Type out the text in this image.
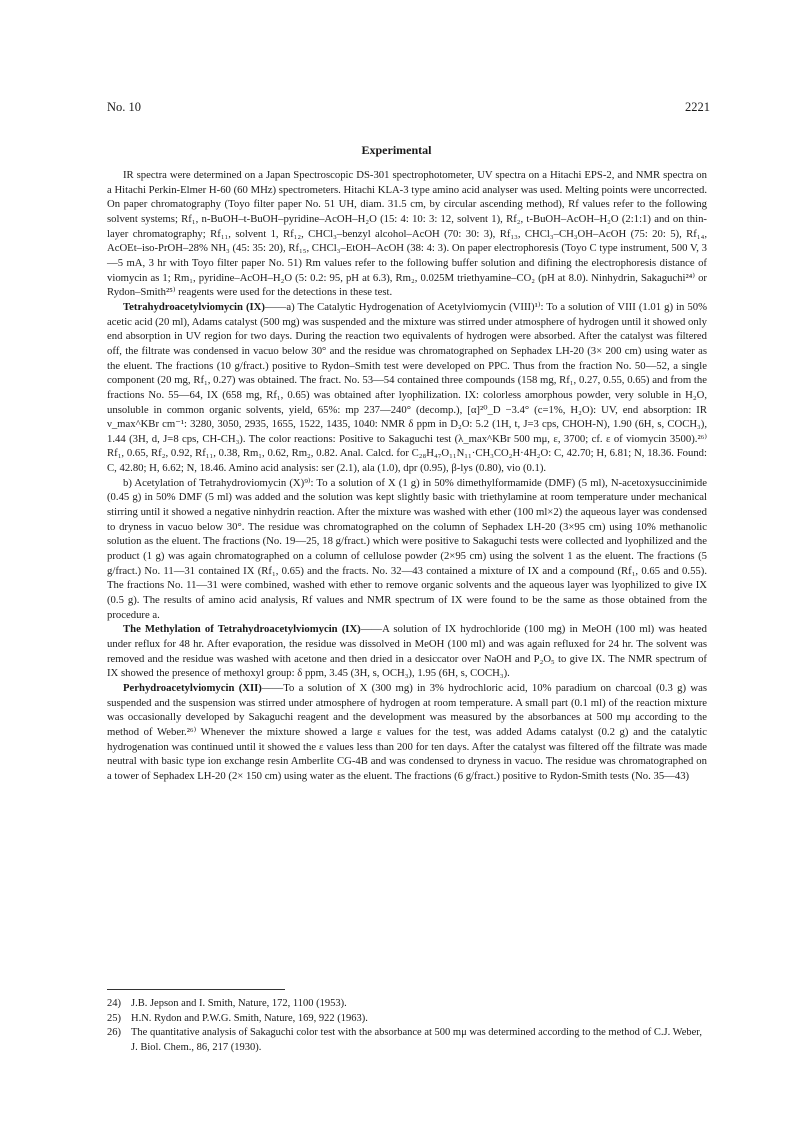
No. 10	2221
Experimental

IR spectra were determined on a Japan Spectroscopic DS-301 spectrophotometer, UV spectra on a Hitachi EPS-2, and NMR spectra on a Hitachi Perkin-Elmer H-60 (60 MHz) spectrometers. Hitachi KLA-3 type amino acid analyser was used. Melting points were uncorrected. On paper chromatography (Toyo filter paper No. 51 UH, diam. 31.5 cm, by circular ascending method), Rf values refer to the following solvent systems; Rf₁, n-BuOH–t-BuOH–pyridine–AcOH–H₂O (15: 4: 10: 3: 12, solvent 1), Rf₂, t-BuOH–AcOH–H₂O (2:1:1) and on thin-layer chromatography; Rf₁₁, solvent 1, Rf₁₂, CHCl₃–benzyl alcohol–AcOH (70: 30: 3), Rf₁₃, CHCl₃–CH₃OH–AcOH (75: 20: 5), Rf₁₄, AcOEt–iso-PrOH–28% NH₃ (45: 35: 20), Rf₁₅, CHCl₃–EtOH–AcOH (38: 4: 3). On paper electrophoresis (Toyo C type instrument, 500 V, 3—5 mA, 3 hr with Toyo filter paper No. 51) Rm values refer to the following buffer solution and difining the electrophoresis distance of viomycin as 1; Rm₁, pyridine–AcOH–H₂O (5: 0.2: 95, pH at 6.3), Rm₂, 0.025M triethyamine–CO₂ (pH at 8.0). Ninhydrin, Sakaguchi²⁴⁾ or Rydon–Smith²⁵⁾ reagents were used for the detections in these test.

Tetrahydroacetylviomycin (IX)——a) The Catalytic Hydrogenation of Acetylviomycin (VIII)¹⁾: To a solution of VIII (1.01 g) in 50% acetic acid (20 ml), Adams catalyst (500 mg) was suspended and the mixture was stirred under atmosphere of hydrogen until it showed only end absorption in UV region for two days. During the reaction two equivalents of hydrogen were absorbed. After the catalyst was filtered off, the filtrate was condensed in vacuo below 30° and the residue was chromatographed on Sephadex LH-20 (3× 200 cm) using water as the eluent. The fractions (10 g/fract.) positive to Rydon–Smith test were developed on PPC. Thus from the fraction No. 50—52, a single component (20 mg, Rf₁, 0.27) was obtained. The fract. No. 53—54 contained three compounds (158 mg, Rf₁, 0.27, 0.55, 0.65) and from the fractions No. 55—64, IX (658 mg, Rf₁, 0.65) was obtained after lyophilization. IX: colorless amorphous powder, very soluble in H₂O, unsoluble in common organic solvents, yield, 65%: mp 237—240° (decomp.), [α]²⁰_D −3.4° (c=1%, H₂O): UV, end absorption: IR ν_max^KBr cm⁻¹: 3280, 3050, 2935, 1655, 1522, 1435, 1040: NMR δ ppm in D₂O: 5.2 (1H, t, J=3 cps, CHOH-N), 1.90 (6H, s, COCH₃), 1.44 (3H, d, J=8 cps, CH-CH₃). The color reactions: Positive to Sakaguchi test (λ_max^KBr 500 mμ, ε, 3700; cf. ε of viomycin 3500).²⁶⁾ Rf₁, 0.65, Rf₂, 0.92, Rf₁₁, 0.38, Rm₁, 0.62, Rm₂, 0.82. Anal. Calcd. for C₂₈H₄₇O₁₁N₁₁·CH₃CO₂H·4H₂O: C, 42.70; H, 6.81; N, 18.36. Found: C, 42.80; H, 6.62; N, 18.46. Amino acid analysis: ser (2.1), ala (1.0), dpr (0.95), β-lys (0.80), vio (0.1).

b) Acetylation of Tetrahydroviomycin (X)⁹⁾: To a solution of X (1 g) in 50% dimethylformamide (DMF) (5 ml), N-acetoxysuccinimide (0.45 g) in 50% DMF (5 ml) was added and the solution was kept slightly basic with triethylamine at room temperature under mechanical stirring until it showed a negative ninhydrin reaction. After the mixture was washed with ether (100 ml×2) the aqueous layer was condensed to dryness in vacuo below 30°. The residue was chromatographed on the column of Sephadex LH-20 (3×95 cm) using 10% methanolic solution as the eluent. The fractions (No. 19—25, 18 g/fract.) which were positive to Sakaguchi tests were collected and lyophilized and the product (1 g) was again chromatographed on a column of cellulose powder (2×95 cm) using the solvent 1 as the eluent. The fractions (5 g/fract.) No. 11—31 contained IX (Rf₁, 0.65) and the fracts. No. 32—43 contained a mixture of IX and a compound (Rf₁, 0.65 and 0.55). The fractions No. 11—31 were combined, washed with ether to remove organic solvents and the aqueous layer was lyophilized to give IX (0.5 g). The results of amino acid analysis, Rf values and NMR spectrum of IX were found to be the same as those obtained from the procedure a.

The Methylation of Tetrahydroacetylviomycin (IX)——A solution of IX hydrochloride (100 mg) in MeOH (100 ml) was heated under reflux for 48 hr. After evaporation, the residue was dissolved in MeOH (100 ml) and was again refluxed for 24 hr. The solvent was removed and the residue was washed with acetone and then dried in a desiccator over NaOH and P₂O₅ to give IX. The NMR spectrum of IX showed the presence of methoxyl group: δ ppm, 3.45 (3H, s, OCH₃), 1.95 (6H, s, COCH₃).

Perhydroacetylviomycin (XII)——To a solution of X (300 mg) in 3% hydrochloric acid, 10% paradium on charcoal (0.3 g) was suspended and the suspension was stirred under atmosphere of hydrogen at room temperature. A small part (0.1 ml) of the reaction mixture was occasionally developed by Sakaguchi reagent and the development was measured by the absorbances at 500 mμ according to the method of Weber.²⁶⁾ Whenever the mixture showed a large ε values for the test, was added Adams catalyst (0.2 g) and the catalytic hydrogenation was continued until it showed the ε values less than 200 for ten days. After the catalyst was filtered off the filtrate was made neutral with basic type ion exchange resin Amberlite CG-4B and was condensed to dryness in vacuo. The residue was chromatographed on a tower of Sephadex LH-20 (2× 150 cm) using water as the eluent. The fractions (6 g/fract.) positive to Rydon-Smith tests (No. 35—43)

24) J.B. Jepson and I. Smith, Nature, 172, 1100 (1953).
25) H.N. Rydon and P.W.G. Smith, Nature, 169, 922 (1963).
26) The quantitative analysis of Sakaguchi color test with the absorbance at 500 mμ was determined according to the method of C.J. Weber, J. Biol. Chem., 86, 217 (1930).
